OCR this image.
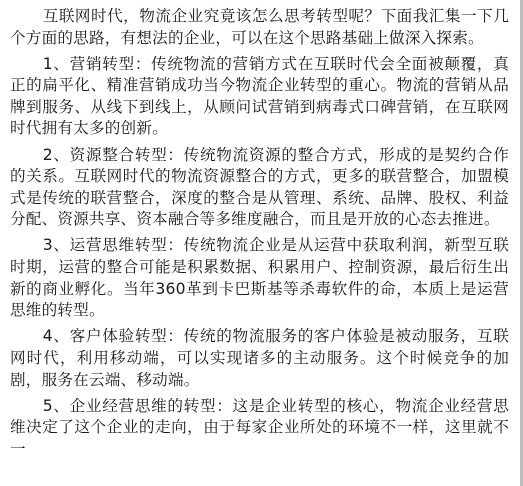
互联网时代，物流企业究竟该怎么思考转型呢？下面我汇集一下几个方面的思路，有想法的企业，可以在这个思路基础上做深入探索。

1、营销转型：传统物流的营销方式在互联时代会全面被颠覆，真正的扁平化、精准营销成功当今物流企业转型的重心。物流的营销从品牌到服务、从线下到线上，从顾问试营销到病毒式口碑营销，在互联网时代拥有太多的创新。

2、资源整合转型：传统物流资源的整合方式，形成的是契约合作的关系。互联网时代的物流资源整合的方式，更多的联营整合，加盟模式是传统的联营整合，深度的整合是从管理、系统、品牌、股权、利益分配、资源共享、资本融合等多维度融合，而且是开放的心态去推进。

3、运营思维转型：传统物流企业是从运营中获取利润，新型互联时期，运营的整合可能是积累数据、积累用户、控制资源，最后衍生出新的商业孵化。当年360革到卡巴斯基等杀毒软件的命，本质上是运营思维的转型。

4、客户体验转型：传统的物流服务的客户体验是被动服务，互联网时代，利用移动端，可以实现诸多的主动服务。这个时候竞争的加剧，服务在云端、移动端。

5、企业经营思维的转型：这是企业转型的核心，物流企业经营思维决定了这个企业的走向，由于每家企业所处的环境不一样，这里就不一
